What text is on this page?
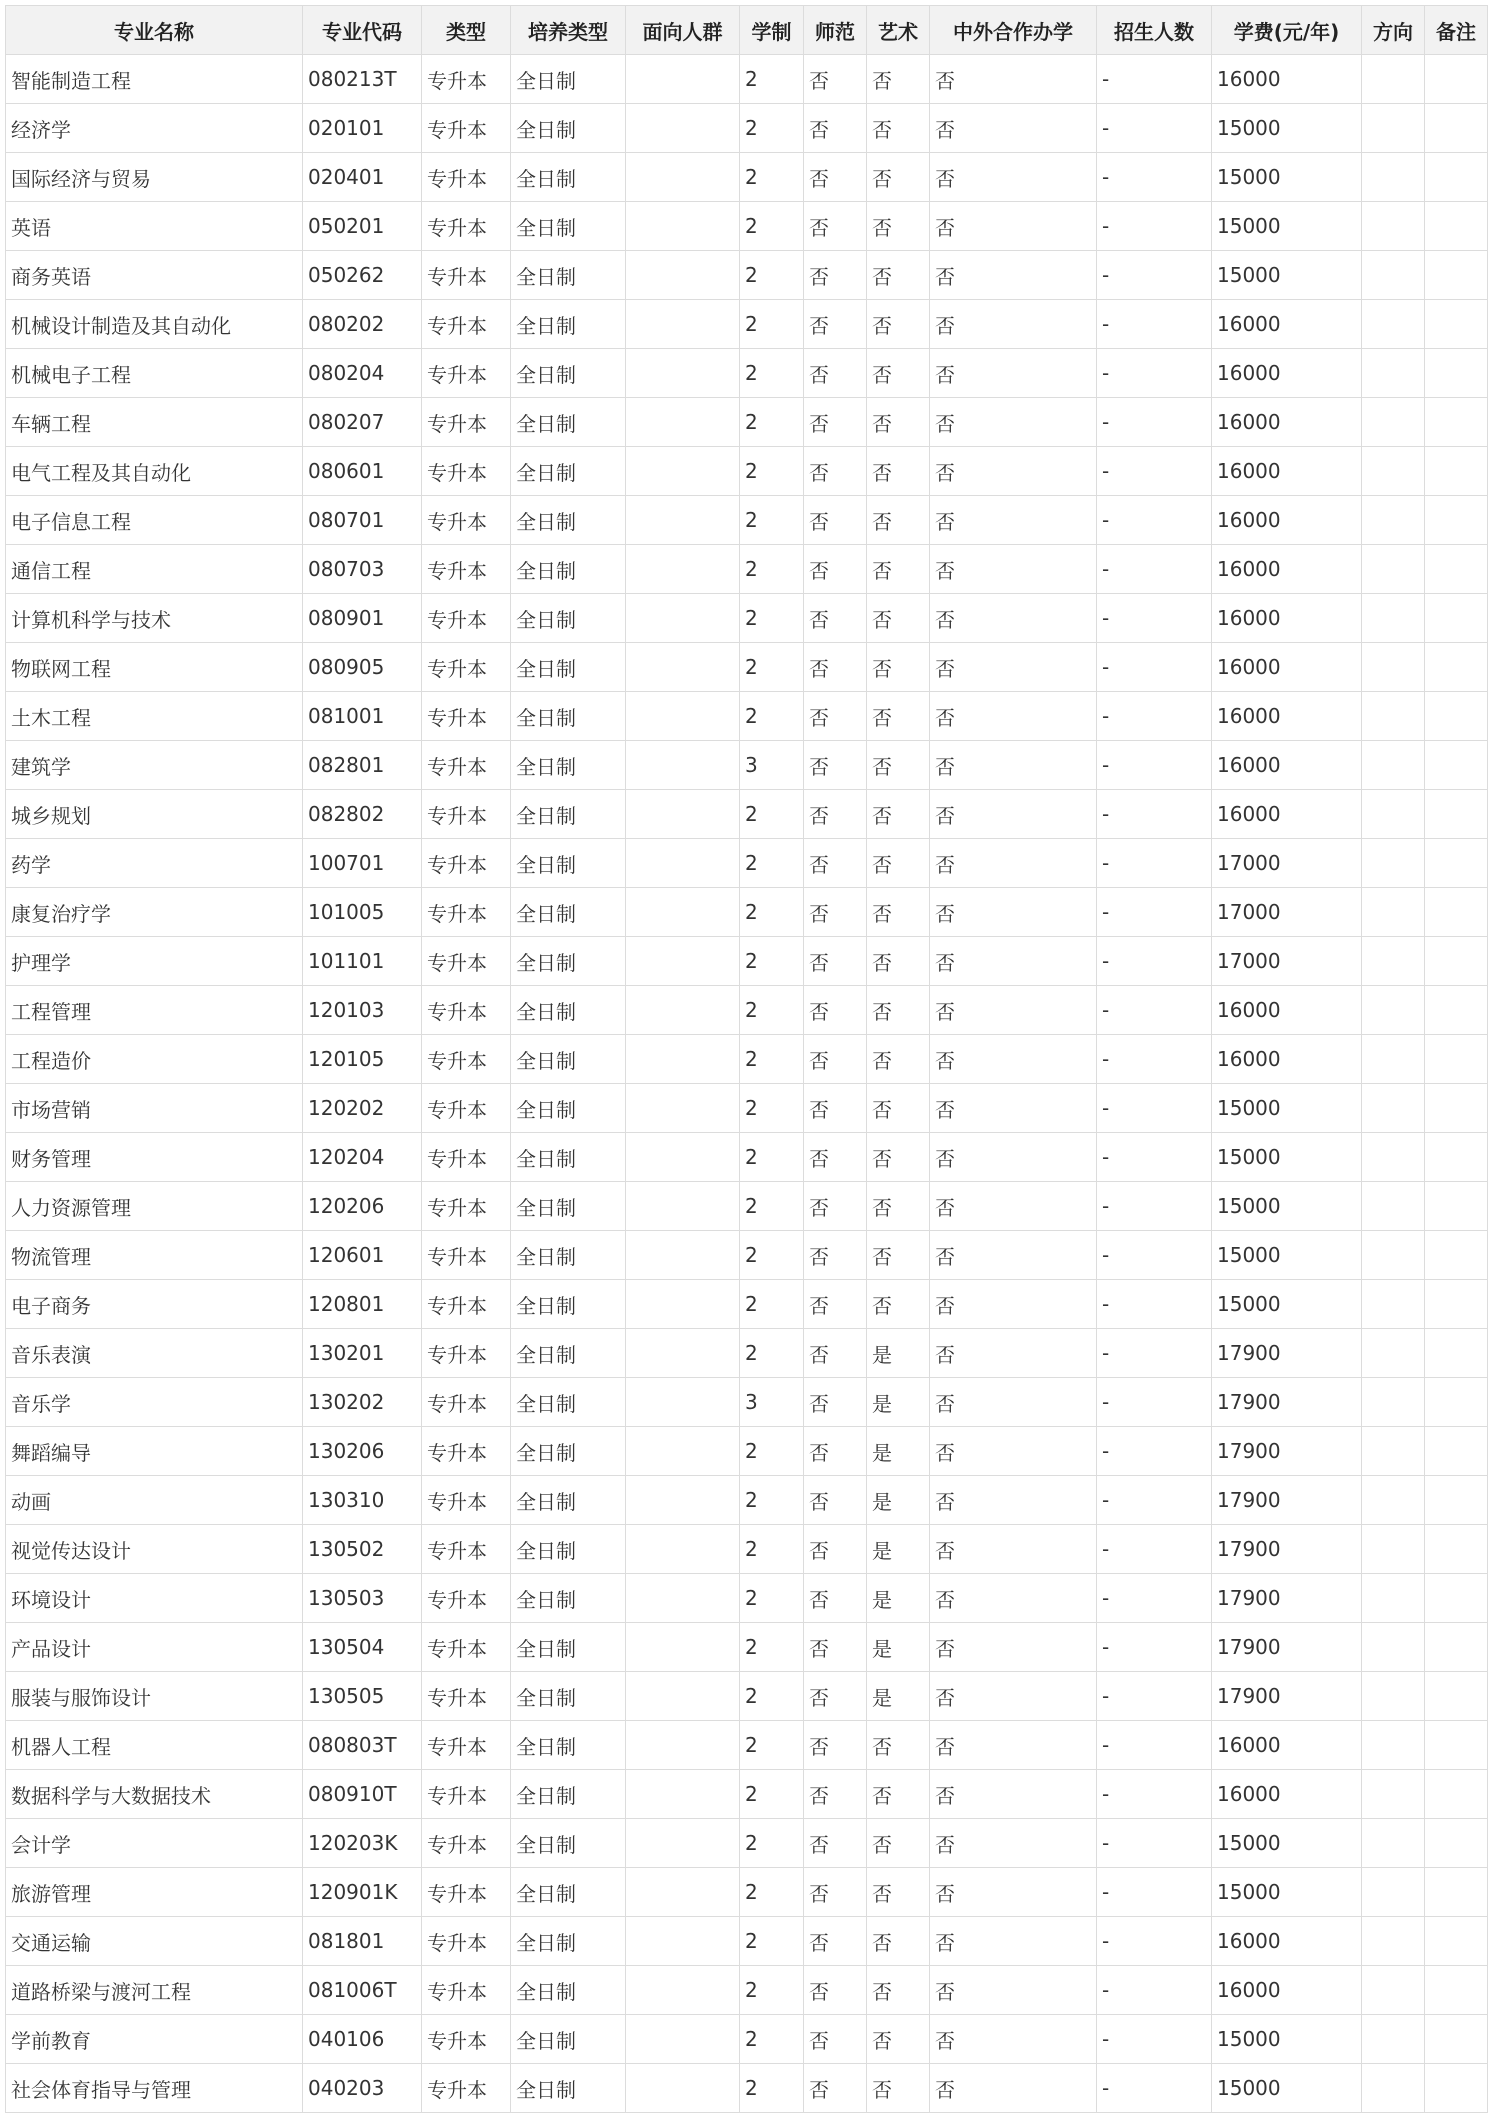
专业名称	专业代码	类型	培养类型	面向人群	学制	师范	艺术	中外合作办学	招生人数	学费(元/年)	方向	备注
智能制造工程	080213T	专升本	全日制		2	否	否	否	-	16000		
经济学	020101	专升本	全日制		2	否	否	否	-	15000		
国际经济与贸易	020401	专升本	全日制		2	否	否	否	-	15000		
英语	050201	专升本	全日制		2	否	否	否	-	15000		
商务英语	050262	专升本	全日制		2	否	否	否	-	15000		
机械设计制造及其自动化	080202	专升本	全日制		2	否	否	否	-	16000		
机械电子工程	080204	专升本	全日制		2	否	否	否	-	16000		
车辆工程	080207	专升本	全日制		2	否	否	否	-	16000		
电气工程及其自动化	080601	专升本	全日制		2	否	否	否	-	16000		
电子信息工程	080701	专升本	全日制		2	否	否	否	-	16000		
通信工程	080703	专升本	全日制		2	否	否	否	-	16000		
计算机科学与技术	080901	专升本	全日制		2	否	否	否	-	16000		
物联网工程	080905	专升本	全日制		2	否	否	否	-	16000		
土木工程	081001	专升本	全日制		2	否	否	否	-	16000		
建筑学	082801	专升本	全日制		3	否	否	否	-	16000		
城乡规划	082802	专升本	全日制		2	否	否	否	-	16000		
药学	100701	专升本	全日制		2	否	否	否	-	17000		
康复治疗学	101005	专升本	全日制		2	否	否	否	-	17000		
护理学	101101	专升本	全日制		2	否	否	否	-	17000		
工程管理	120103	专升本	全日制		2	否	否	否	-	16000		
工程造价	120105	专升本	全日制		2	否	否	否	-	16000		
市场营销	120202	专升本	全日制		2	否	否	否	-	15000		
财务管理	120204	专升本	全日制		2	否	否	否	-	15000		
人力资源管理	120206	专升本	全日制		2	否	否	否	-	15000		
物流管理	120601	专升本	全日制		2	否	否	否	-	15000		
电子商务	120801	专升本	全日制		2	否	否	否	-	15000		
音乐表演	130201	专升本	全日制		2	否	是	否	-	17900		
音乐学	130202	专升本	全日制		3	否	是	否	-	17900		
舞蹈编导	130206	专升本	全日制		2	否	是	否	-	17900		
动画	130310	专升本	全日制		2	否	是	否	-	17900		
视觉传达设计	130502	专升本	全日制		2	否	是	否	-	17900		
环境设计	130503	专升本	全日制		2	否	是	否	-	17900		
产品设计	130504	专升本	全日制		2	否	是	否	-	17900		
服装与服饰设计	130505	专升本	全日制		2	否	是	否	-	17900		
机器人工程	080803T	专升本	全日制		2	否	否	否	-	16000		
数据科学与大数据技术	080910T	专升本	全日制		2	否	否	否	-	16000		
会计学	120203K	专升本	全日制		2	否	否	否	-	15000		
旅游管理	120901K	专升本	全日制		2	否	否	否	-	15000		
交通运输	081801	专升本	全日制		2	否	否	否	-	16000		
道路桥梁与渡河工程	081006T	专升本	全日制		2	否	否	否	-	16000		
学前教育	040106	专升本	全日制		2	否	否	否	-	15000		
社会体育指导与管理	040203	专升本	全日制		2	否	否	否	-	15000		
